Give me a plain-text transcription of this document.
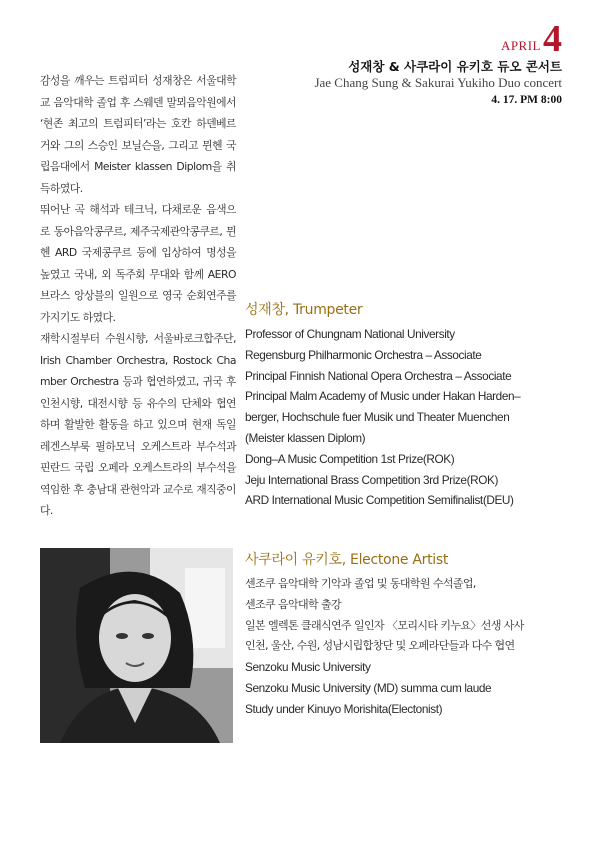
APRIL 4
성재창 & 사쿠라이 유키호 듀오 콘서트
Jae Chang Sung & Sakurai Yukiho Duo concert
4. 17. PM 8:00

감성을 깨우는 트럼피터 성재창은 서울대학교 음악대학 졸업 후 스웨덴 말뫼음악원에서 ‘현존 최고의 트럼피터’라는 호칸 하덴베르거와 그의 스승인 보닐슨을, 그리고 뮌헨 국립음대에서 Meister klassen Diplom을 취득하였다.

뛰어난 곡 해석과 테크닉, 다채로운 음색으로 동아음악콩쿠르, 제주국제관악콩쿠르, 뮌헨 ARD 국제콩쿠르 등에 입상하여 명성을 높였고 국내, 외 독주회 무대와 함께 AERO 브라스 앙상블의 일원으로 영국 순회연주를 가지기도 하였다.

재학시절부터 수원시향, 서울바로크합주단, Irish Chamber Orchestra, Rostock Chamber Orchestra 등과 협연하였고, 귀국 후 인천시향, 대전시향 등 유수의 단체와 협연하며 활발한 활동을 하고 있으며 현재 독일 레겐스부룩 필하모닉 오케스트라 부수석과 핀란드 국립 오페라 오케스트라의 부수석을 역임한 후 충남대 관현악과 교수로 재직중이다.

성재창, Trumpeter
Professor of Chungnam National University
Regensburg Philharmonic Orchestra – Associate
Principal Finnish National Opera Orchestra – Associate
Principal Malm Academy of Music under Hakan Harden–
berger, Hochschule fuer Musik und Theater Muenchen
(Meister klassen Diplom)
Dong–A Music Competition 1st Prize(ROK)
Jeju International Brass Competition 3rd Prize(ROK)
ARD International Music Competition Semifinalist(DEU)
사쿠라이 유키호, Electone Artist
센조쿠 음악대학 기악과 졸업 및 동대학원 수석졸업,
센조쿠 음악대학 출강
일본 엘렉톤 클래식연주 일인자 〈모리시타 키누요〉선생 사사
인천, 울산, 수원, 성남시립합창단 및 오페라단들과 다수 협연
Senzoku Music University
Senzoku Music University (MD) summa cum laude
Study under Kinuyo Morishita(Electonist)
